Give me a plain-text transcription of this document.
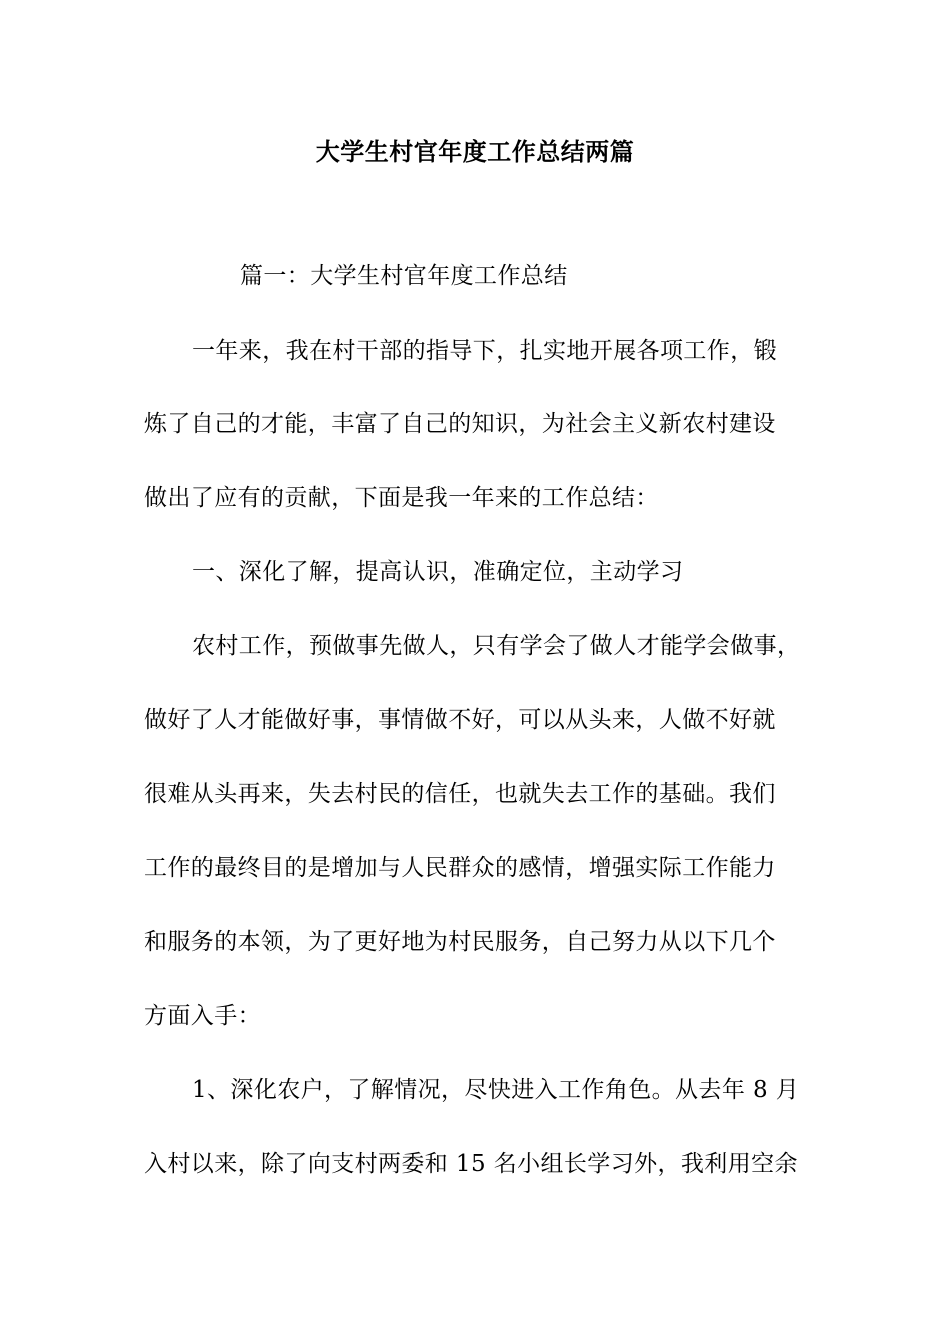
大学生村官年度工作总结两篇
篇一：大学生村官年度工作总结
一年来，我在村干部的指导下，扎实地开展各项工作，锻
炼了自己的才能，丰富了自己的知识，为社会主义新农村建设
做出了应有的贡献，下面是我一年来的工作总结：
一、深化了解，提高认识，准确定位，主动学习
农村工作，预做事先做人，只有学会了做人才能学会做事，
做好了人才能做好事，事情做不好，可以从头来，人做不好就
很难从头再来，失去村民的信任，也就失去工作的基础。我们
工作的最终目的是增加与人民群众的感情，增强实际工作能力
和服务的本领，为了更好地为村民服务，自己努力从以下几个
方面入手：
1、深化农户，了解情况，尽快进入工作角色。从去年 8 月
入村以来，除了向支村两委和 15 名小组长学习外，我利用空余
